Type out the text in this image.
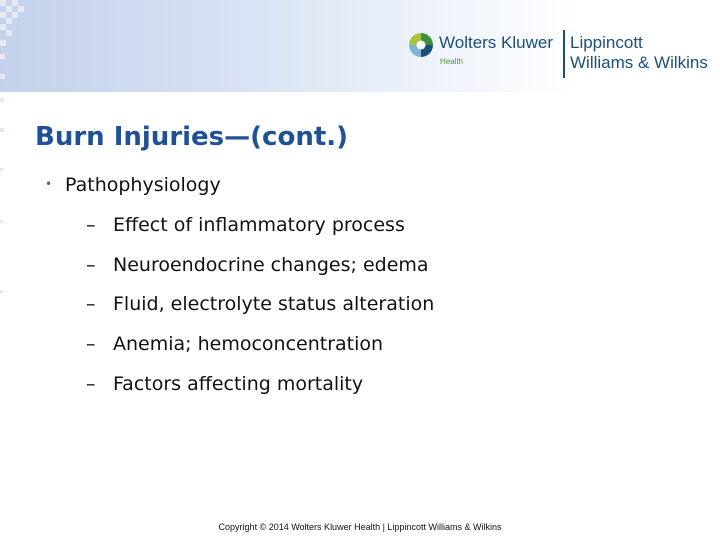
Wolters Kluwer
Health
Lippincott
Williams & Wilkins
Burn Injuries—(cont.)
• Pathophysiology
– Effect of inflammatory process
– Neuroendocrine changes; edema
– Fluid, electrolyte status alteration
– Anemia; hemoconcentration
– Factors affecting mortality
Copyright © 2014 Wolters Kluwer Health | Lippincott Williams & Wilkins
